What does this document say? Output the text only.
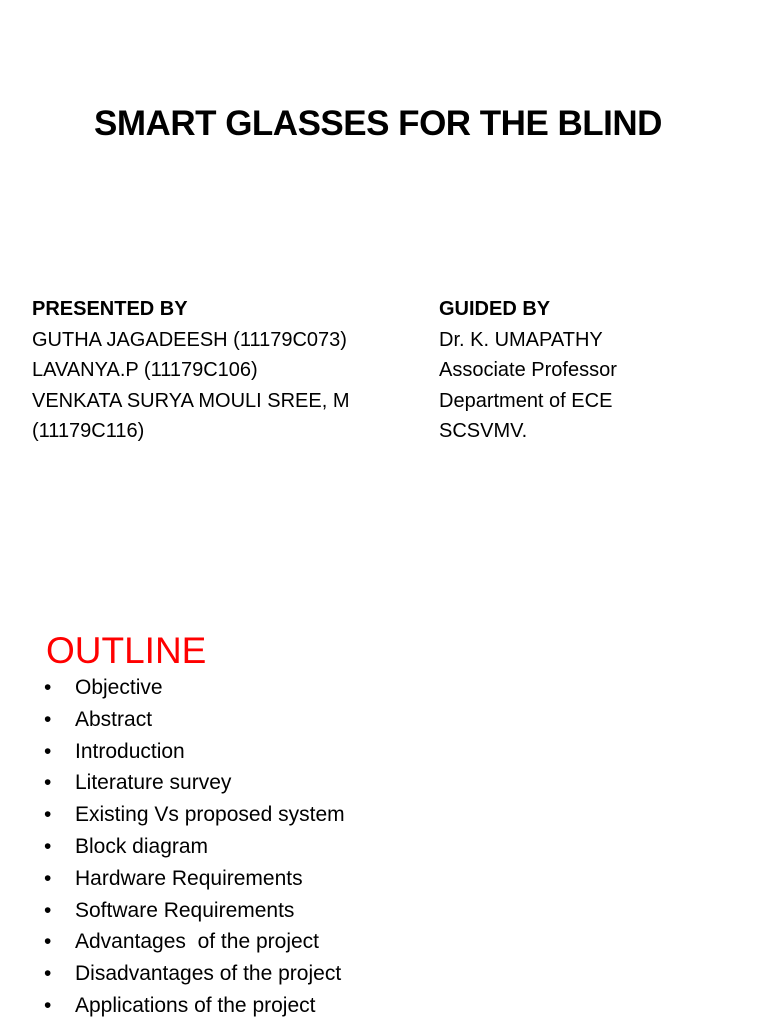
SMART GLASSES FOR THE BLIND
PRESENTED BY
GUTHA JAGADEESH (11179C073)
LAVANYA.P (11179C106)
VENKATA SURYA MOULI SREE, M
(11179C116)
GUIDED BY
Dr. K. UMAPATHY
Associate Professor
Department of ECE
SCSVMV.
OUTLINE
• Objective
• Abstract
• Introduction
• Literature survey
• Existing Vs proposed system
• Block diagram
• Hardware Requirements
• Software Requirements
• Advantages  of the project
• Disadvantages of the project
• Applications of the project
